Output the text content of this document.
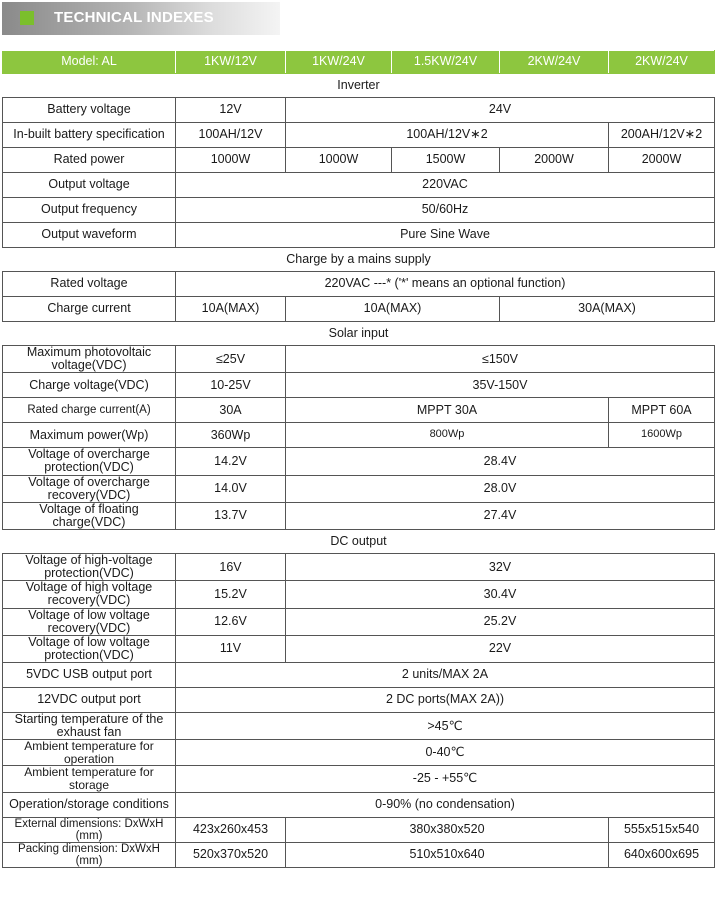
TECHNICAL INDEXES
Model: AL	1KW/12V	1KW/24V	1.5KW/24V	2KW/24V	2KW/24V
Inverter					
Battery voltage	12V	24V			
In-built battery specification	100AH/12V	100AH/12V∗2			200AH/12V∗2
Rated power	1000W	1000W	1500W	2000W	2000W
Output voltage	220VAC				
Output frequency	50/60Hz				
Output waveform	Pure Sine Wave				
Charge by a mains supply					
Rated voltage	220VAC ---* ('*' means an optional function)				
Charge current	10A(MAX)	10A(MAX)		30A(MAX)	
Solar input					
Maximum photovoltaic voltage(VDC)	≤25V	≤150V			
Charge voltage(VDC)	10-25V	35V-150V			
Rated charge current(A)	30A	MPPT 30A			MPPT 60A
Maximum power(Wp)	360Wp	800Wp			1600Wp
Voltage of overcharge protection(VDC)	14.2V	28.4V			
Voltage of overcharge recovery(VDC)	14.0V	28.0V			
Voltage of floating charge(VDC)	13.7V	27.4V			
DC output					
Voltage of high-voltage protection(VDC)	16V	32V			
Voltage of high voltage recovery(VDC)	15.2V	30.4V			
Voltage of low voltage recovery(VDC)	12.6V	25.2V			
Voltage of low voltage protection(VDC)	11V	22V			
5VDC USB output port	2 units/MAX 2A				
12VDC output port	2 DC ports(MAX 2A))				
Starting temperature of the exhaust fan	>45℃				
Ambient temperature for operation	0-40℃				
Ambient temperature for storage	-25 - +55℃				
Operation/storage conditions	0-90% (no condensation)				
External dimensions: DxWxH (mm)	423x260x453	380x380x520			555x515x540
Packing dimension: DxWxH (mm)	520x370x520	510x510x640			640x600x695
